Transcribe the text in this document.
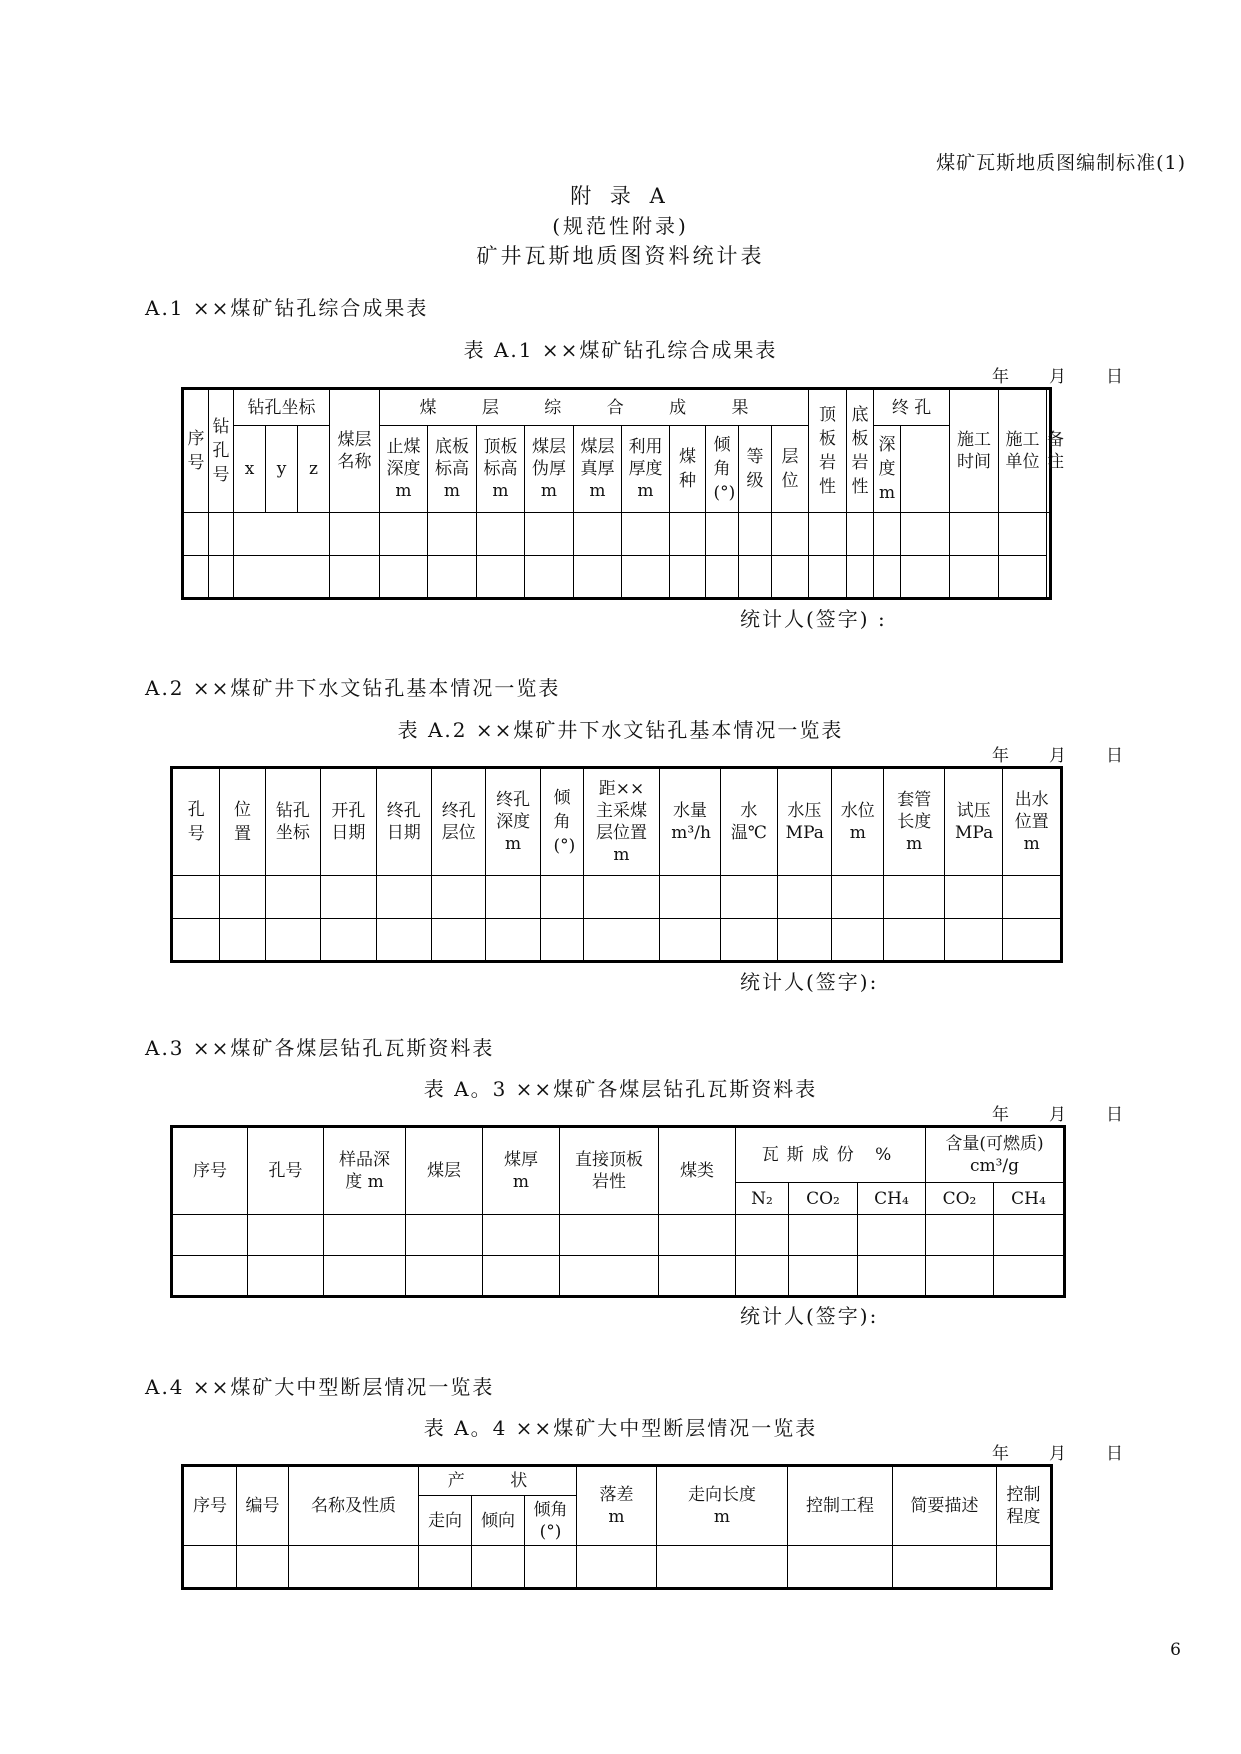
煤矿瓦斯地质图编制标准(1)
附 录 A
(规范性附录)
矿井瓦斯地质图资料统计表
A.1 ××煤矿钻孔综合成果表
表 A.1 ××煤矿钻孔综合成果表
年 月 日
序号	钻孔号	钻孔坐标			煤层名称	煤 层 综 合 成 果										顶板岩性	底板岩性	终 孔		施工时间	施工单位	备注
		x	y	z		止煤深度m	底板标高m	顶板标高m	煤层伪厚m	煤层真厚m	利用厚度m	煤种	倾角(°)	等级	层位			深度m				

统计人(签字) :
A.2 ××煤矿井下水文钻孔基本情况一览表
表 A.2 ××煤矿井下水文钻孔基本情况一览表
年 月 日
孔号	位置	钻孔坐标	开孔日期	终孔日期	终孔层位	终孔深度m	倾角(°)	距××主采煤层位置m	水量m³/h	水温℃	水压MPa	水位m	套管长度m	试压MPa	出水位置m

统计人(签字):
A.3 ××煤矿各煤层钻孔瓦斯资料表
表 A。3 ××煤矿各煤层钻孔瓦斯资料表
年 月 日
序号	孔号	样品深度 m	煤层	煤厚m	直接顶板岩性	煤类	瓦斯成份 %			含量(可燃质)
cm³/g	

							N₂	CO₂	CH₄	CO₂	CH₄

统计人(签字):
A.4 ××煤矿大中型断层情况一览表
表 A。4 ××煤矿大中型断层情况一览表
年 月 日
序号	编号	名称及性质	产 状			落差m	走向长度m	控制工程	简要描述	控制程度
			走向	倾向	倾角(°)					

6
